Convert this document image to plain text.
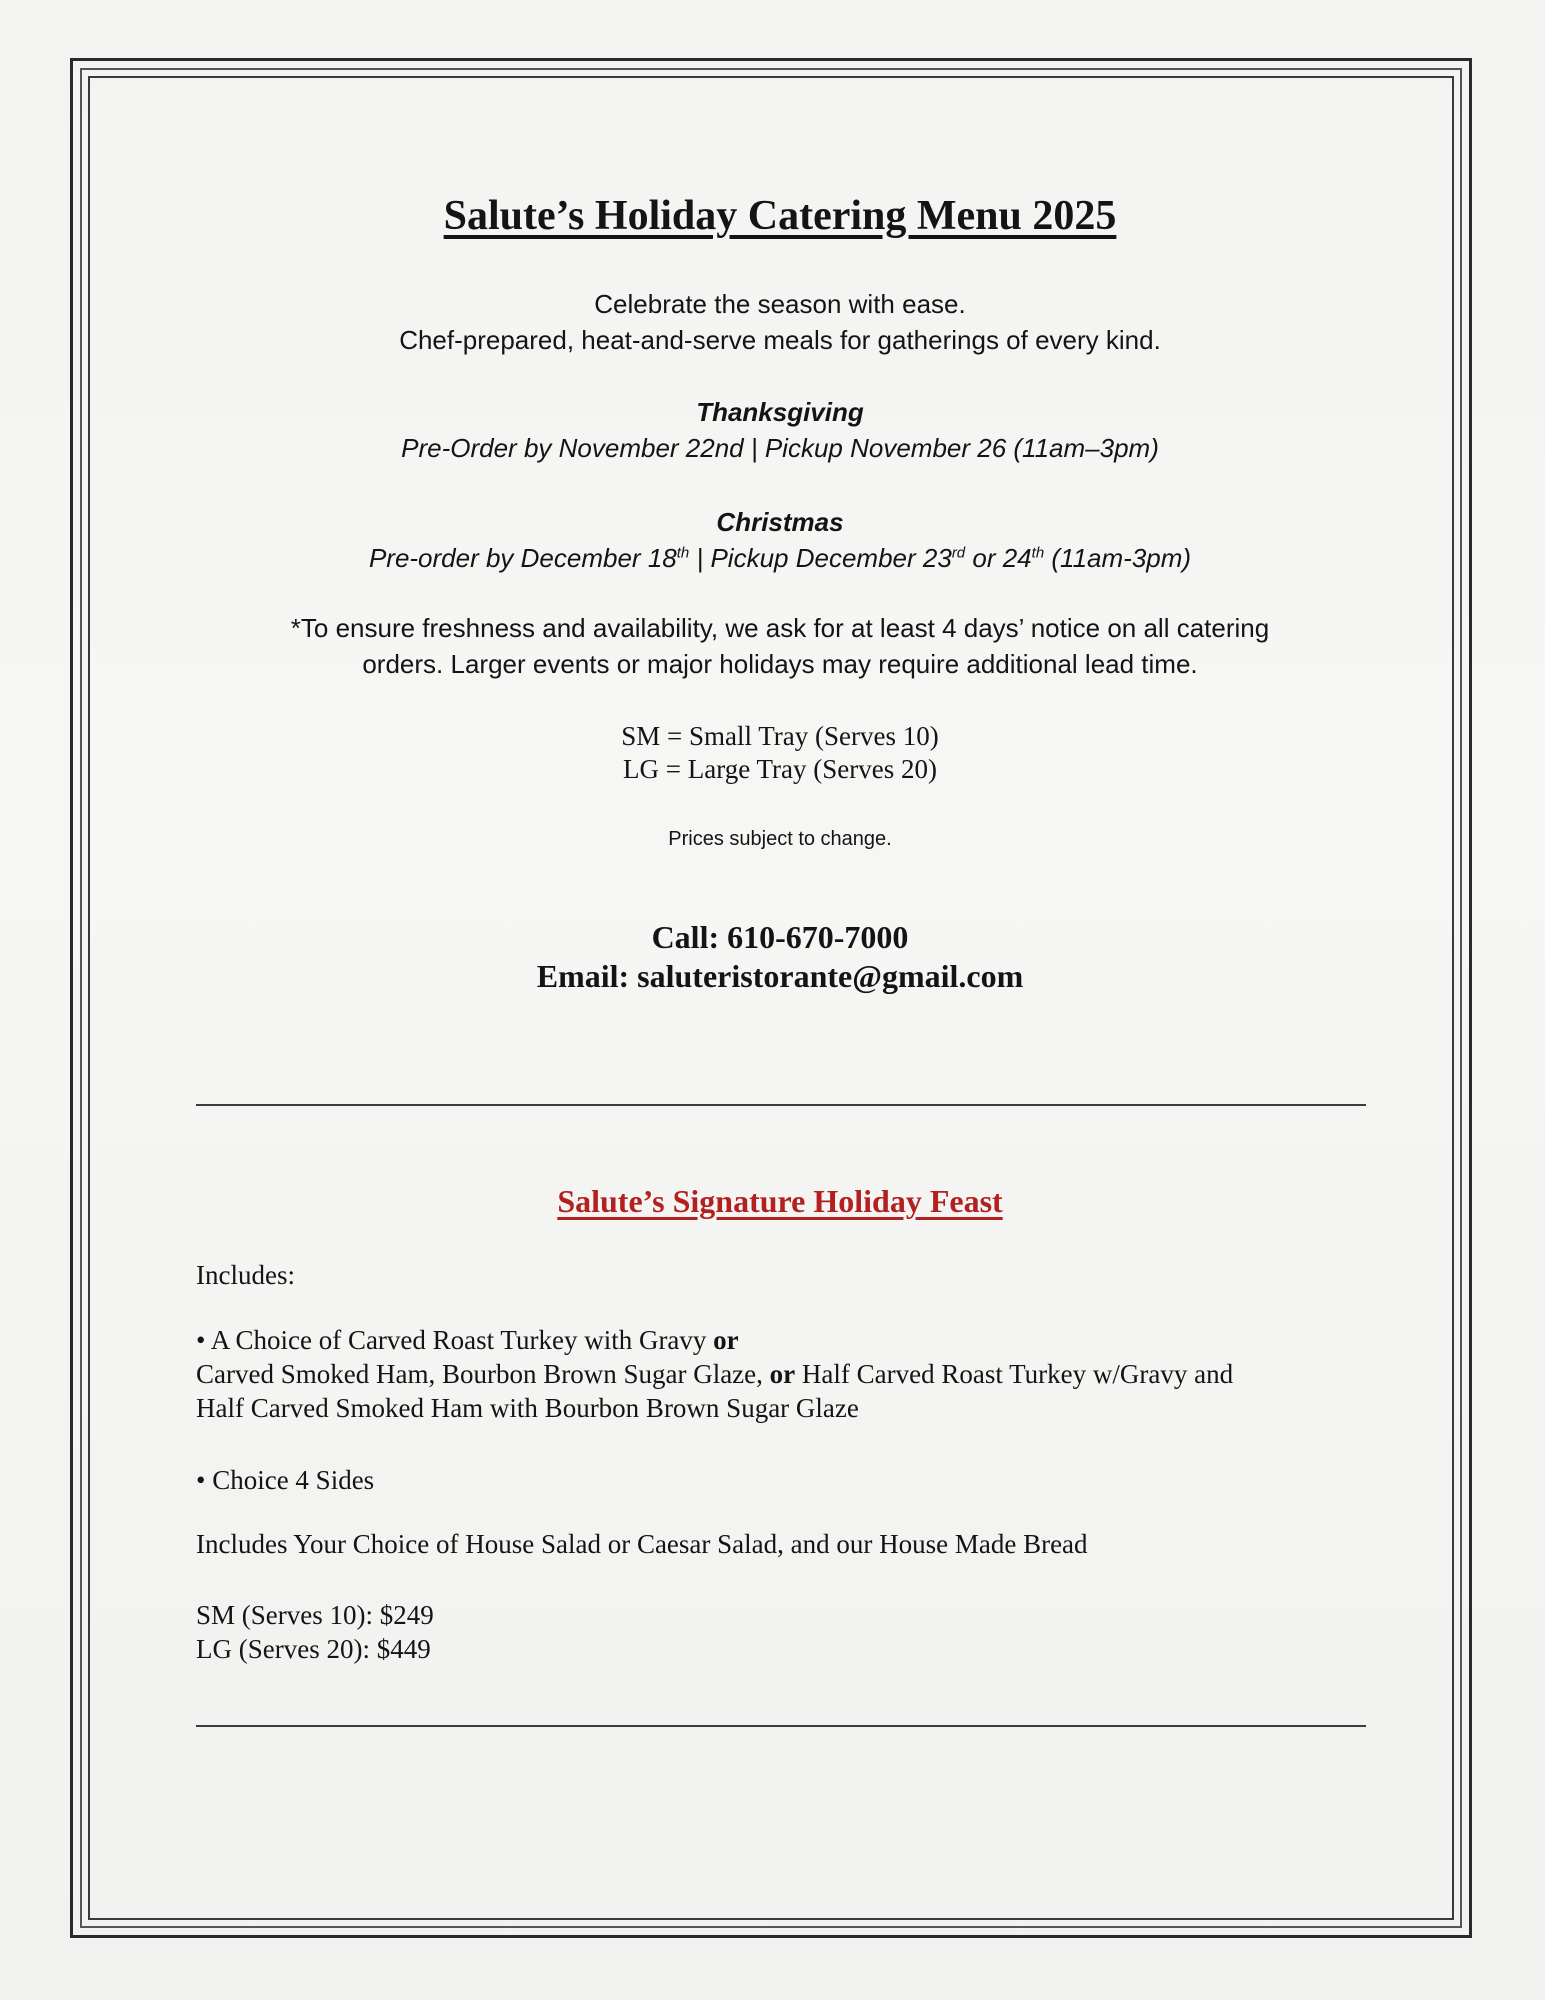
Salute’s Holiday Catering Menu 2025
Celebrate the season with ease.
Chef-prepared, heat-and-serve meals for gatherings of every kind.
Thanksgiving
Pre-Order by November 22nd | Pickup November 26 (11am–3pm)
Christmas
Pre-order by December 18th | Pickup December 23rd or 24th (11am-3pm)
*To ensure freshness and availability, we ask for at least 4 days’ notice on all catering
orders. Larger events or major holidays may require additional lead time.
SM = Small Tray (Serves 10)
LG = Large Tray (Serves 20)
Prices subject to change.
Call: 610-670-7000
Email: saluteristorante@gmail.com
Salute’s Signature Holiday Feast
Includes:
• A Choice of Carved Roast Turkey with Gravy or
Carved Smoked Ham, Bourbon Brown Sugar Glaze, or Half Carved Roast Turkey w/Gravy and
Half Carved Smoked Ham with Bourbon Brown Sugar Glaze
• Choice 4 Sides
Includes Your Choice of House Salad or Caesar Salad, and our House Made Bread
SM (Serves 10): $249
LG (Serves 20): $449
